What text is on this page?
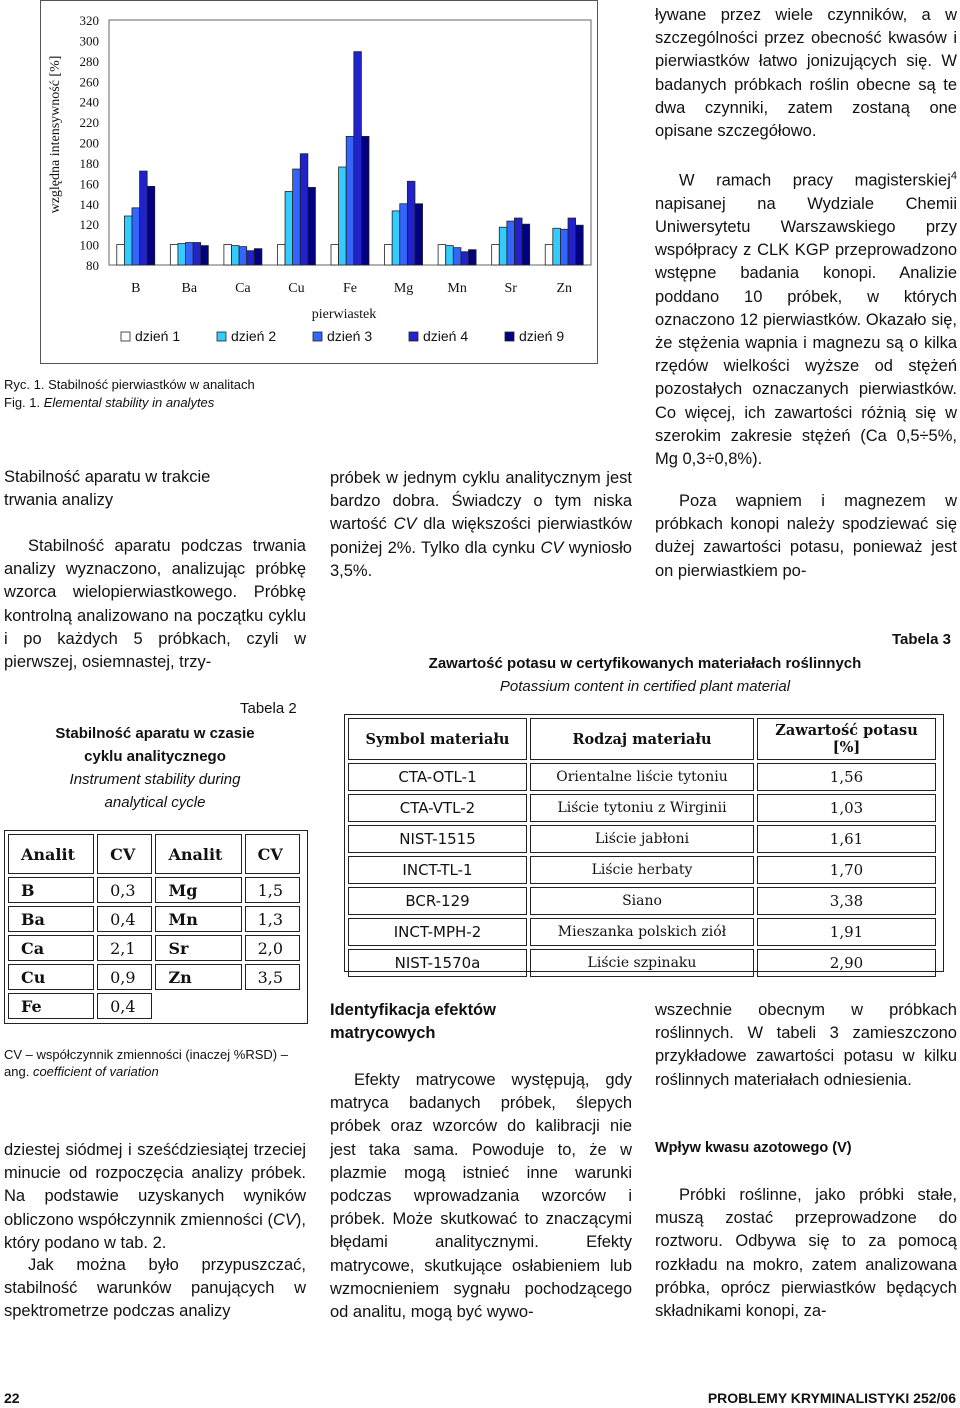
320
300
280
260
240
220
200
180
160
140
120
100
80
względna intensywność [%]
B	Ba	Ca	Cu	Fe	Mg Mn	Sr	Zn
pierwiastek
dzień 1	dzień 2	dzień 3	dzień 4	dzień 9
Ryc. 1. Stabilność pierwiastków w analitach
Fig. 1. Elemental stability in analytes
Stabilność aparatu w trakcie trwania analizy

Stabilność aparatu podczas trwania analizy wyznaczono, analizując próbkę wzorca wielopierwiastkowego. Próbkę kontrolną analizowano na początku cyklu i po każdych 5 próbkach, czyli w pierwszej, osiemnastej, trzy-

Tabela 2
Stabilność aparatu w czasie cyklu analitycznego
Instrument stability during analytical cycle
Analit	CV	Analit	CV
B	0,3	Mg	1,5
Ba	0,4	Mn	1,3
Ca	2,1	Sr	2,0
Cu	0,9	Zn	3,5
Fe	0,4		
CV – współczynnik zmienności (inaczej %RSD) –
ang. coefficient of variation

dziestej siódmej i sześćdziesiątej trzeciej minucie od rozpoczęcia analizy próbek. Na podstawie uzyskanych wyników obliczono współczynnik zmienności (CV), który podano w tab. 2.

Jak można było przypuszczać, stabilność warunków panujących w spektrometrze podczas analizy

próbek w jednym cyklu analitycznym jest bardzo dobra. Świadczy o tym niska wartość CV dla większości pierwiastków poniżej 2%. Tylko dla cynku CV wyniosło 3,5%.

Identyfikacja efektów matrycowych

Efekty matrycowe występują, gdy matryca badanych próbek, ślepych próbek oraz wzorców do kalibracji nie jest taka sama. Powoduje to, że w plazmie mogą istnieć inne warunki podczas wprowadzania wzorców i próbek. Może skutkować to znaczącymi błędami analitycznymi. Efekty matrycowe, skutkujące osłabieniem lub wzmocnieniem sygnału pochodzącego od analitu, mogą być wywo-

ływane przez wiele czynników, a w szczególności przez obecność kwasów i pierwiastków łatwo jonizujących się. W badanych próbkach roślin obecne są te dwa czynniki, zatem zostaną one opisane szczegółowo.

W ramach pracy magisterskiej$^4$ napisanej na Wydziale Chemii Uniwersytetu Warszawskiego przy współpracy z CLK KGP przeprowadzono wstępne badania konopi. Analizie poddano 10 próbek, w których oznaczono 12 pierwiastków. Okazało się, że stężenia wapnia i magnezu są o kilka rzędów wielkości wyższe od stężeń pozostałych oznaczanych pierwiastków. Co więcej, ich zawartości różnią się w szerokim zakresie stężeń (Ca 0,5÷5%, Mg 0,3÷0,8%).

Poza wapniem i magnezem w próbkach konopi należy spodziewać się dużej zawartości potasu, ponieważ jest on pierwiastkiem po-

wszechnie obecnym w próbkach roślinnych. W tabeli 3 zamieszczono przykładowe zawartości potasu w kilku roślinnych materiałach odniesienia.

Wpływ kwasu azotowego (V)

Próbki roślinne, jako próbki stałe, muszą zostać przeprowadzone do roztworu. Odbywa się to za pomocą rozkładu na mokro, zatem analizowana próbka, oprócz pierwiastków będących składnikami konopi, za-

Tabela 3
Zawartość potasu w certyfikowanych materiałach roślinnych
Potassium content in certified plant material
Symbol materiału	Rodzaj materiału	Zawartość potasu [%]
CTA-OTL-1	Orientalne liście tytoniu	1,56
CTA-VTL-2	Liście tytoniu z Wirginii	1,03
NIST-1515	Liście jabłoni	1,61
INCT-TL-1	Liście herbaty	1,70
BCR-129	Siano	3,38
INCT-MPH-2	Mieszanka polskich ziół	1,91
NIST-1570a	Liście szpinaku	2,90
22	PROBLEMY KRYMINALISTYKI 252/06
